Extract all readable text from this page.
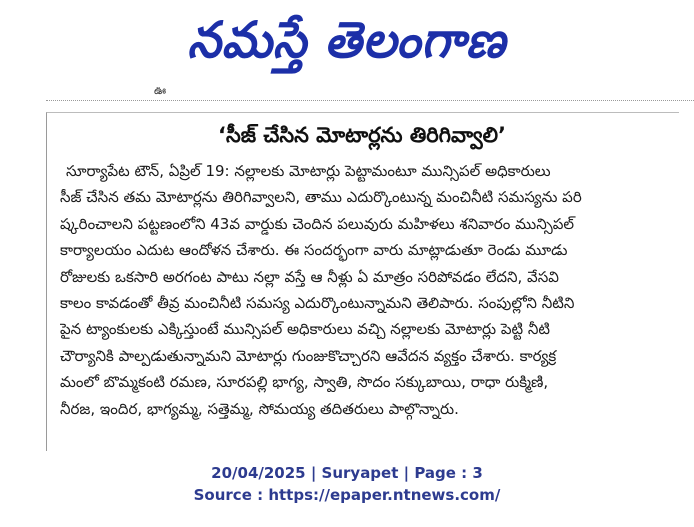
నమస్తే తెలంగాణ
ఊ
‘సీజ్ చేసిన మోటార్లను తిరిగివ్వాలి’
సూర్యాపేట టౌన్, ఏప్రిల్ 19: నల్లాలకు మోటార్లు పెట్టామంటూ మున్సిపల్ అధికారులు
సీజ్ చేసిన తమ మోటార్లను తిరిగివ్వాలని, తాము ఎదుర్కొంటున్న మంచినీటి సమస్యను పరి
ష్కరించాలని పట్టణంలోని 43వ వార్డుకు చెందిన పలువురు మహిళలు శనివారం మున్సిపల్
కార్యాలయం ఎదుట ఆందోళన చేశారు. ఈ సందర్భంగా వారు మాట్లాడుతూ రెండు మూడు
రోజులకు ఒకసారి అరగంట పాటు నల్లా వస్తే ఆ నీళ్లు ఏ మాత్రం సరిపోవడం లేదని, వేసవి
కాలం కావడంతో తీవ్ర మంచినీటి సమస్య ఎదుర్కొంటున్నామని తెలిపారు. సంపుల్లోని నీటిని
పైన ట్యాంకులకు ఎక్కిస్తుంటే మున్సిపల్ అధికారులు వచ్చి నల్లాలకు మోటార్లు పెట్టి నీటి
చౌర్యానికి పాల్పడుతున్నామని మోటార్లు గుంజుకొచ్చారని ఆవేదన వ్యక్తం చేశారు. కార్యక్ర
మంలో బొమ్మకంటి రమణ, సూరపల్లి భాగ్య, స్వాతి, సొదం సక్కుబాయి, రాధా రుక్మిణి,
నీరజ, ఇందిర, భాగ్యమ్మ, సత్తెమ్మ, సోమయ్య తదితరులు పాల్గొన్నారు.
20/04/2025 | Suryapet | Page : 3
Source : https://epaper.ntnews.com/
